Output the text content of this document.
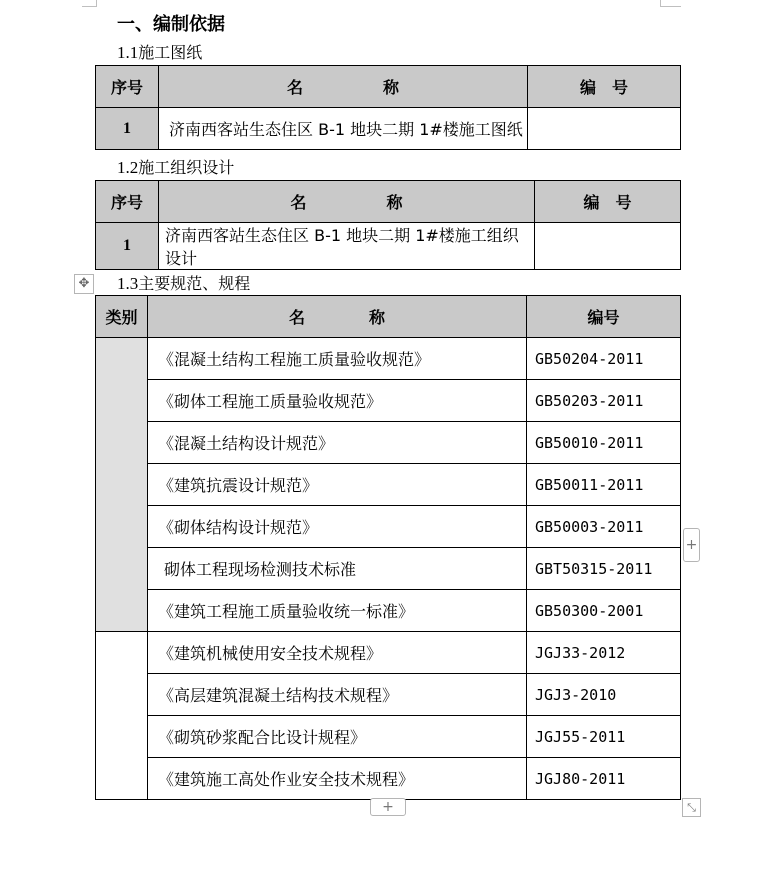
一、编制依据
1.1施工图纸
序号	名　　　　　称	编　号
1	济南西客站生态住区 B-1 地块二期 1#楼施工图纸	
1.2施工组织设计
序号	名　　　　　称	编　号
1	济南西客站生态住区 B-1 地块二期 1#楼施工组织设计	
✥ 1.3主要规范、规程
类别	名　　　　称	编号
	《混凝土结构工程施工质量验收规范》	GB50204-2011
	《砌体工程施工质量验收规范》	GB50203-2011
	《混凝土结构设计规范》	GB50010-2011
	《建筑抗震设计规范》	GB50011-2011
	《砌体结构设计规范》	GB50003-2011
	砌体工程现场检测技术标准	GBT50315-2011
	《建筑工程施工质量验收统一标准》	GB50300-2001
	《建筑机械使用安全技术规程》	JGJ33-2012
	《高层建筑混凝土结构技术规程》	JGJ3-2010
	《砌筑砂浆配合比设计规程》	JGJ55-2011
	《建筑施工高处作业安全技术规程》	JGJ80-2011
+
+	⤡
